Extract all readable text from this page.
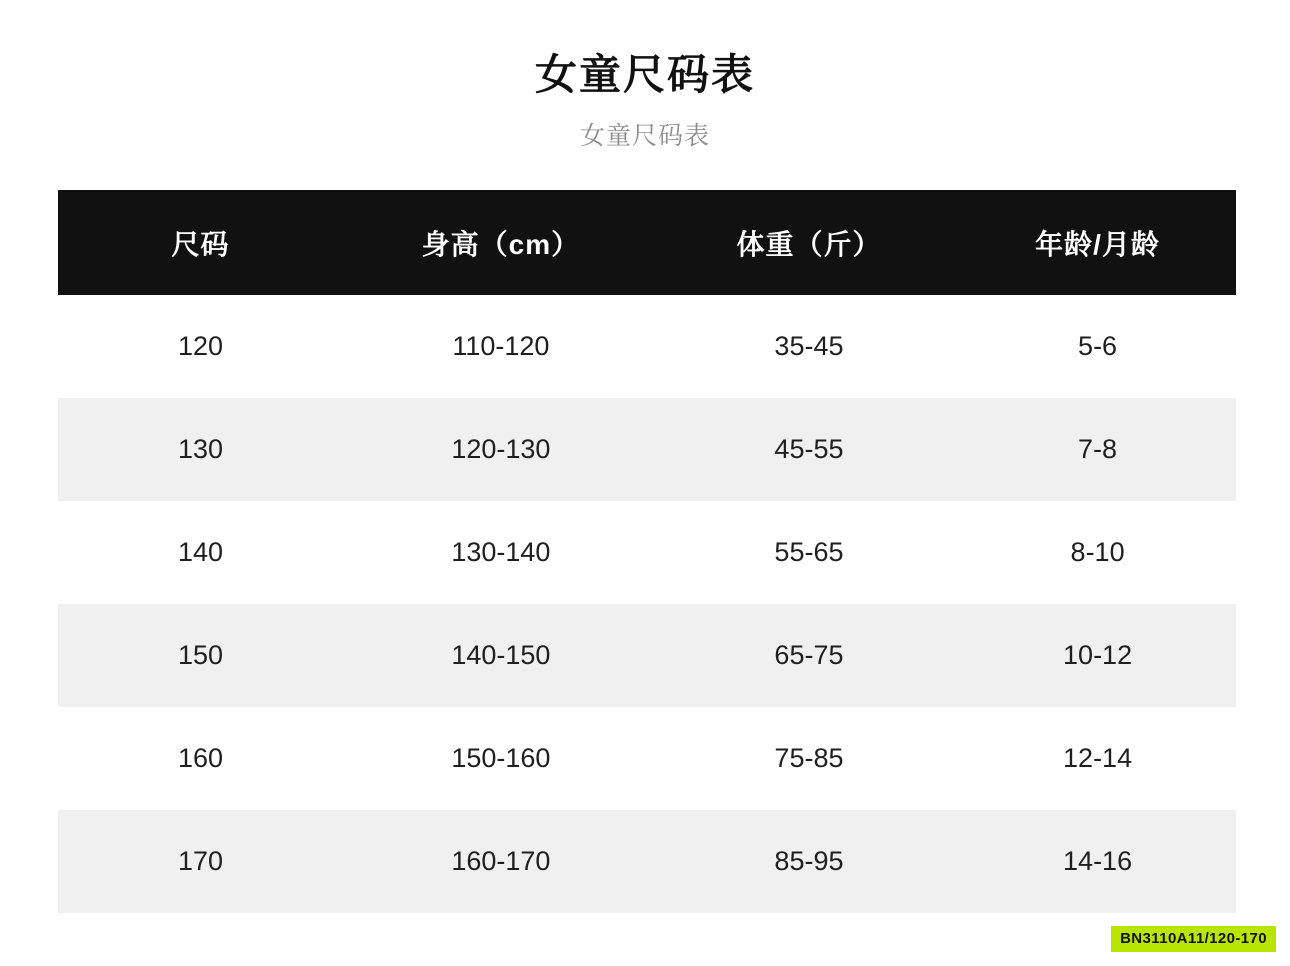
女童尺码表
女童尺码表
尺码	身高（cm）	体重（斤）	年龄/月龄
120	110-120	35-45	5-6
130	120-130	45-55	7-8
140	130-140	55-65	8-10
150	140-150	65-75	10-12
160	150-160	75-85	12-14
170	160-170	85-95	14-16
BN3110A11/120-170
